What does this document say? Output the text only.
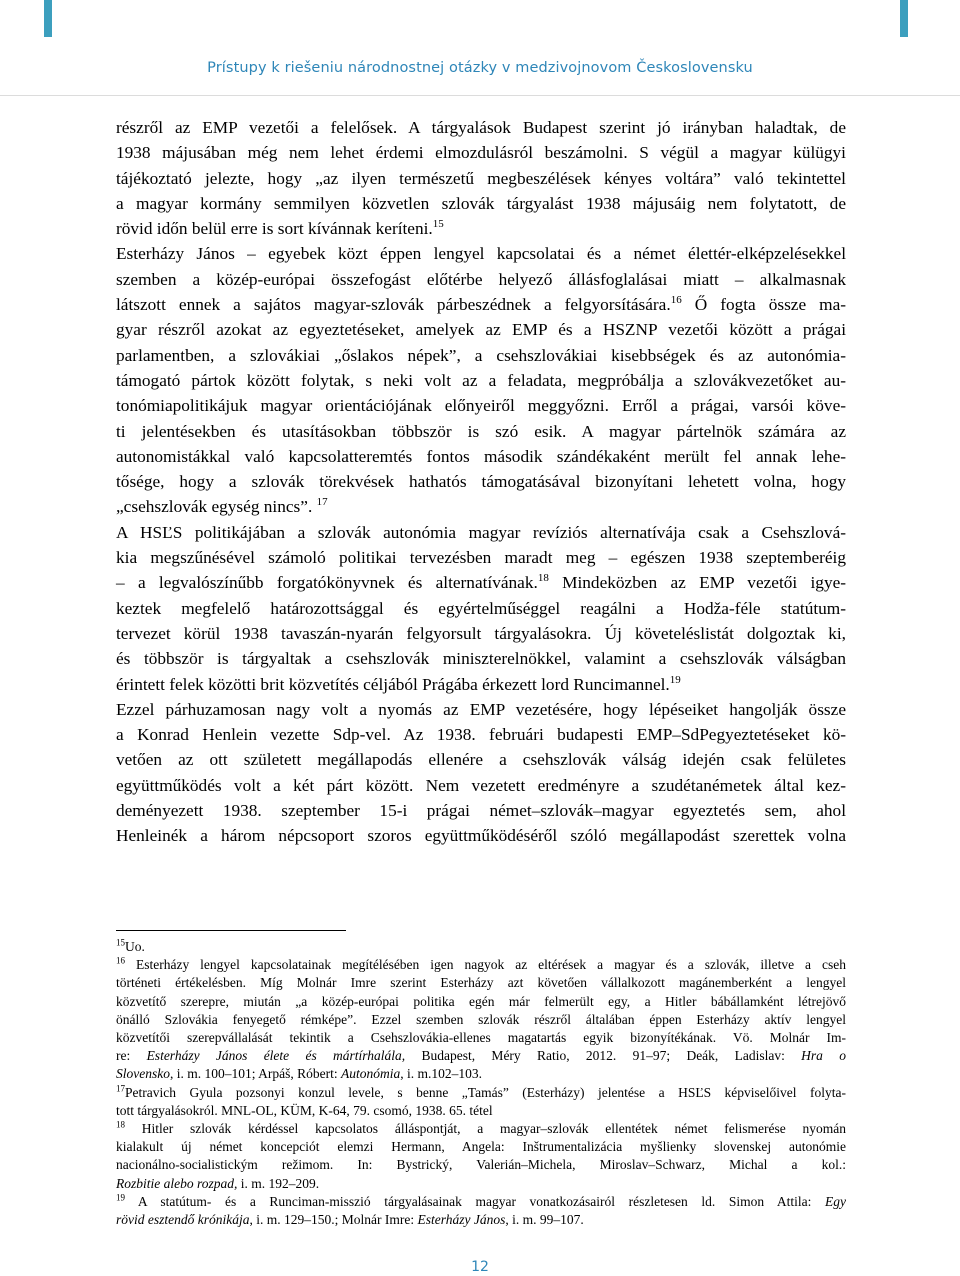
Prístupy k riešeniu národnostnej otázky v medzivojnovom Československu
részről az EMP vezetői a felelősek. A tárgyalások Budapest szerint jó irányban haladtak, de
1938 májusában még nem lehet érdemi elmozdulásról beszámolni. S végül a magyar külügyi
tájékoztató jelezte, hogy „az ilyen természetű megbeszélések kényes voltára” való tekintettel
a magyar kormány semmilyen közvetlen szlovák tárgyalást 1938 májusáig nem folytatott, de
rövid időn belül erre is sort kívánnak keríteni.$^{15}$
Esterházy János – egyebek közt éppen lengyel kapcsolatai és a német élettér-elképzelésekkel
szemben a közép-európai összefogást előtérbe helyező állásfoglalásai miatt – alkalmasnak
látszott ennek a sajátos magyar-szlovák párbeszédnek a felgyorsítására.$^{16}$ Ő fogta össze ma-
gyar részről azokat az egyeztetéseket, amelyek az EMP és a HSZNP vezetői között a prágai
parlamentben, a szlovákiai „őslakos népek”, a csehszlovákiai kisebbségek és az autonómia-
támogató pártok között folytak, s neki volt az a feladata, megpróbálja a szlovákvezetőket au-
tonómiapolitikájuk magyar orientációjának előnyeiről meggyőzni. Erről a prágai, varsói köve-
ti jelentésekben és utasításokban többször is szó esik. A magyar pártelnök számára az
autonomistákkal való kapcsolatteremtés fontos második szándékaként merült fel annak lehe-
tősége, hogy a szlovák törekvések hathatós támogatásával bizonyítani lehetett volna, hogy
„csehszlovák egység nincs”. $^{17}$
A HSĽS politikájában a szlovák autonómia magyar revíziós alternatívája csak a Csehszlová-
kia megszűnésével számoló politikai tervezésben maradt meg – egészen 1938 szeptemberéig
– a legvalószínűbb forgatókönyvnek és alternatívának.$^{18}$ Mindeközben az EMP vezetői igye-
keztek megfelelő határozottsággal és egyértelműséggel reagálni a Hodža-féle statútum-
tervezet körül 1938 tavaszán-nyarán felgyorsult tárgyalásokra. Új követeléslistát dolgoztak ki,
és többször is tárgyaltak a csehszlovák miniszterelnökkel, valamint a csehszlovák válságban
érintett felek közötti brit közvetítés céljából Prágába érkezett lord Runcimannel.$^{19}$
Ezzel párhuzamosan nagy volt a nyomás az EMP vezetésére, hogy lépéseiket hangolják össze
a Konrad Henlein vezette Sdp-vel. Az 1938. februári budapesti EMP–SdPegyeztetéseket kö-
vetően az ott született megállapodás ellenére a csehszlovák válság idején csak felületes
együttműködés volt a két párt között. Nem vezetett eredményre a szudétanémetek által kez-
deményezett 1938. szeptember 15-i prágai német–szlovák–magyar egyeztetés sem, ahol
Henleinék a három népcsoport szoros együttműködéséről szóló megállapodást szerettek volna
$^{15}$Uo.
$^{16}$ Esterházy lengyel kapcsolatainak megítélésében igen nagyok az eltérések a magyar és a szlovák, illetve a cseh
történeti értékelésben. Míg Molnár Imre szerint Esterházy azt követően vállalkozott magánemberként a lengyel
közvetítő szerepre, miután „a közép-európai politika egén már felmerült egy, a Hitler bábállamként létrejövő
önálló Szlovákia fenyegető rémképe”. Ezzel szemben szlovák részről általában éppen Esterházy aktív lengyel
közvetítői szerepvállalását tekintik a Csehszlovákia-ellenes magatartás egyik bizonyítékának. Vö. Molnár Im-
re: Esterházy János élete és mártírhalála, Budapest, Méry Ratio, 2012. 91–97; Deák, Ladislav: Hra o
Slovensko, i. m. 100–101; Arpáš, Róbert: Autonómia, i. m.102–103.
$^{17}$Petravich Gyula pozsonyi konzul levele, s benne „Tamás” (Esterházy) jelentése a HSĽS képviselőivel folyta-
tott tárgyalásokról. MNL-OL, KÜM, K-64, 79. csomó, 1938. 65. tétel
$^{18}$ Hitler szlovák kérdéssel kapcsolatos álláspontját, a magyar–szlovák ellentétek német felismerése nyomán
kialakult új német koncepciót elemzi Hermann, Angela: Inštrumentalizácia myšlienky slovenskej autonómie
nacionálno-socialistickým režimom. In: Bystrický, Valerián–Michela, Miroslav–Schwarz, Michal a kol.:
Rozbitie alebo rozpad, i. m. 192–209.
$^{19}$ A statútum- és a Runciman-misszió tárgyalásainak magyar vonatkozásairól részletesen ld. Simon Attila: Egy
rövid esztendő krónikája, i. m. 129–150.; Molnár Imre: Esterházy János, i. m. 99–107.
12
